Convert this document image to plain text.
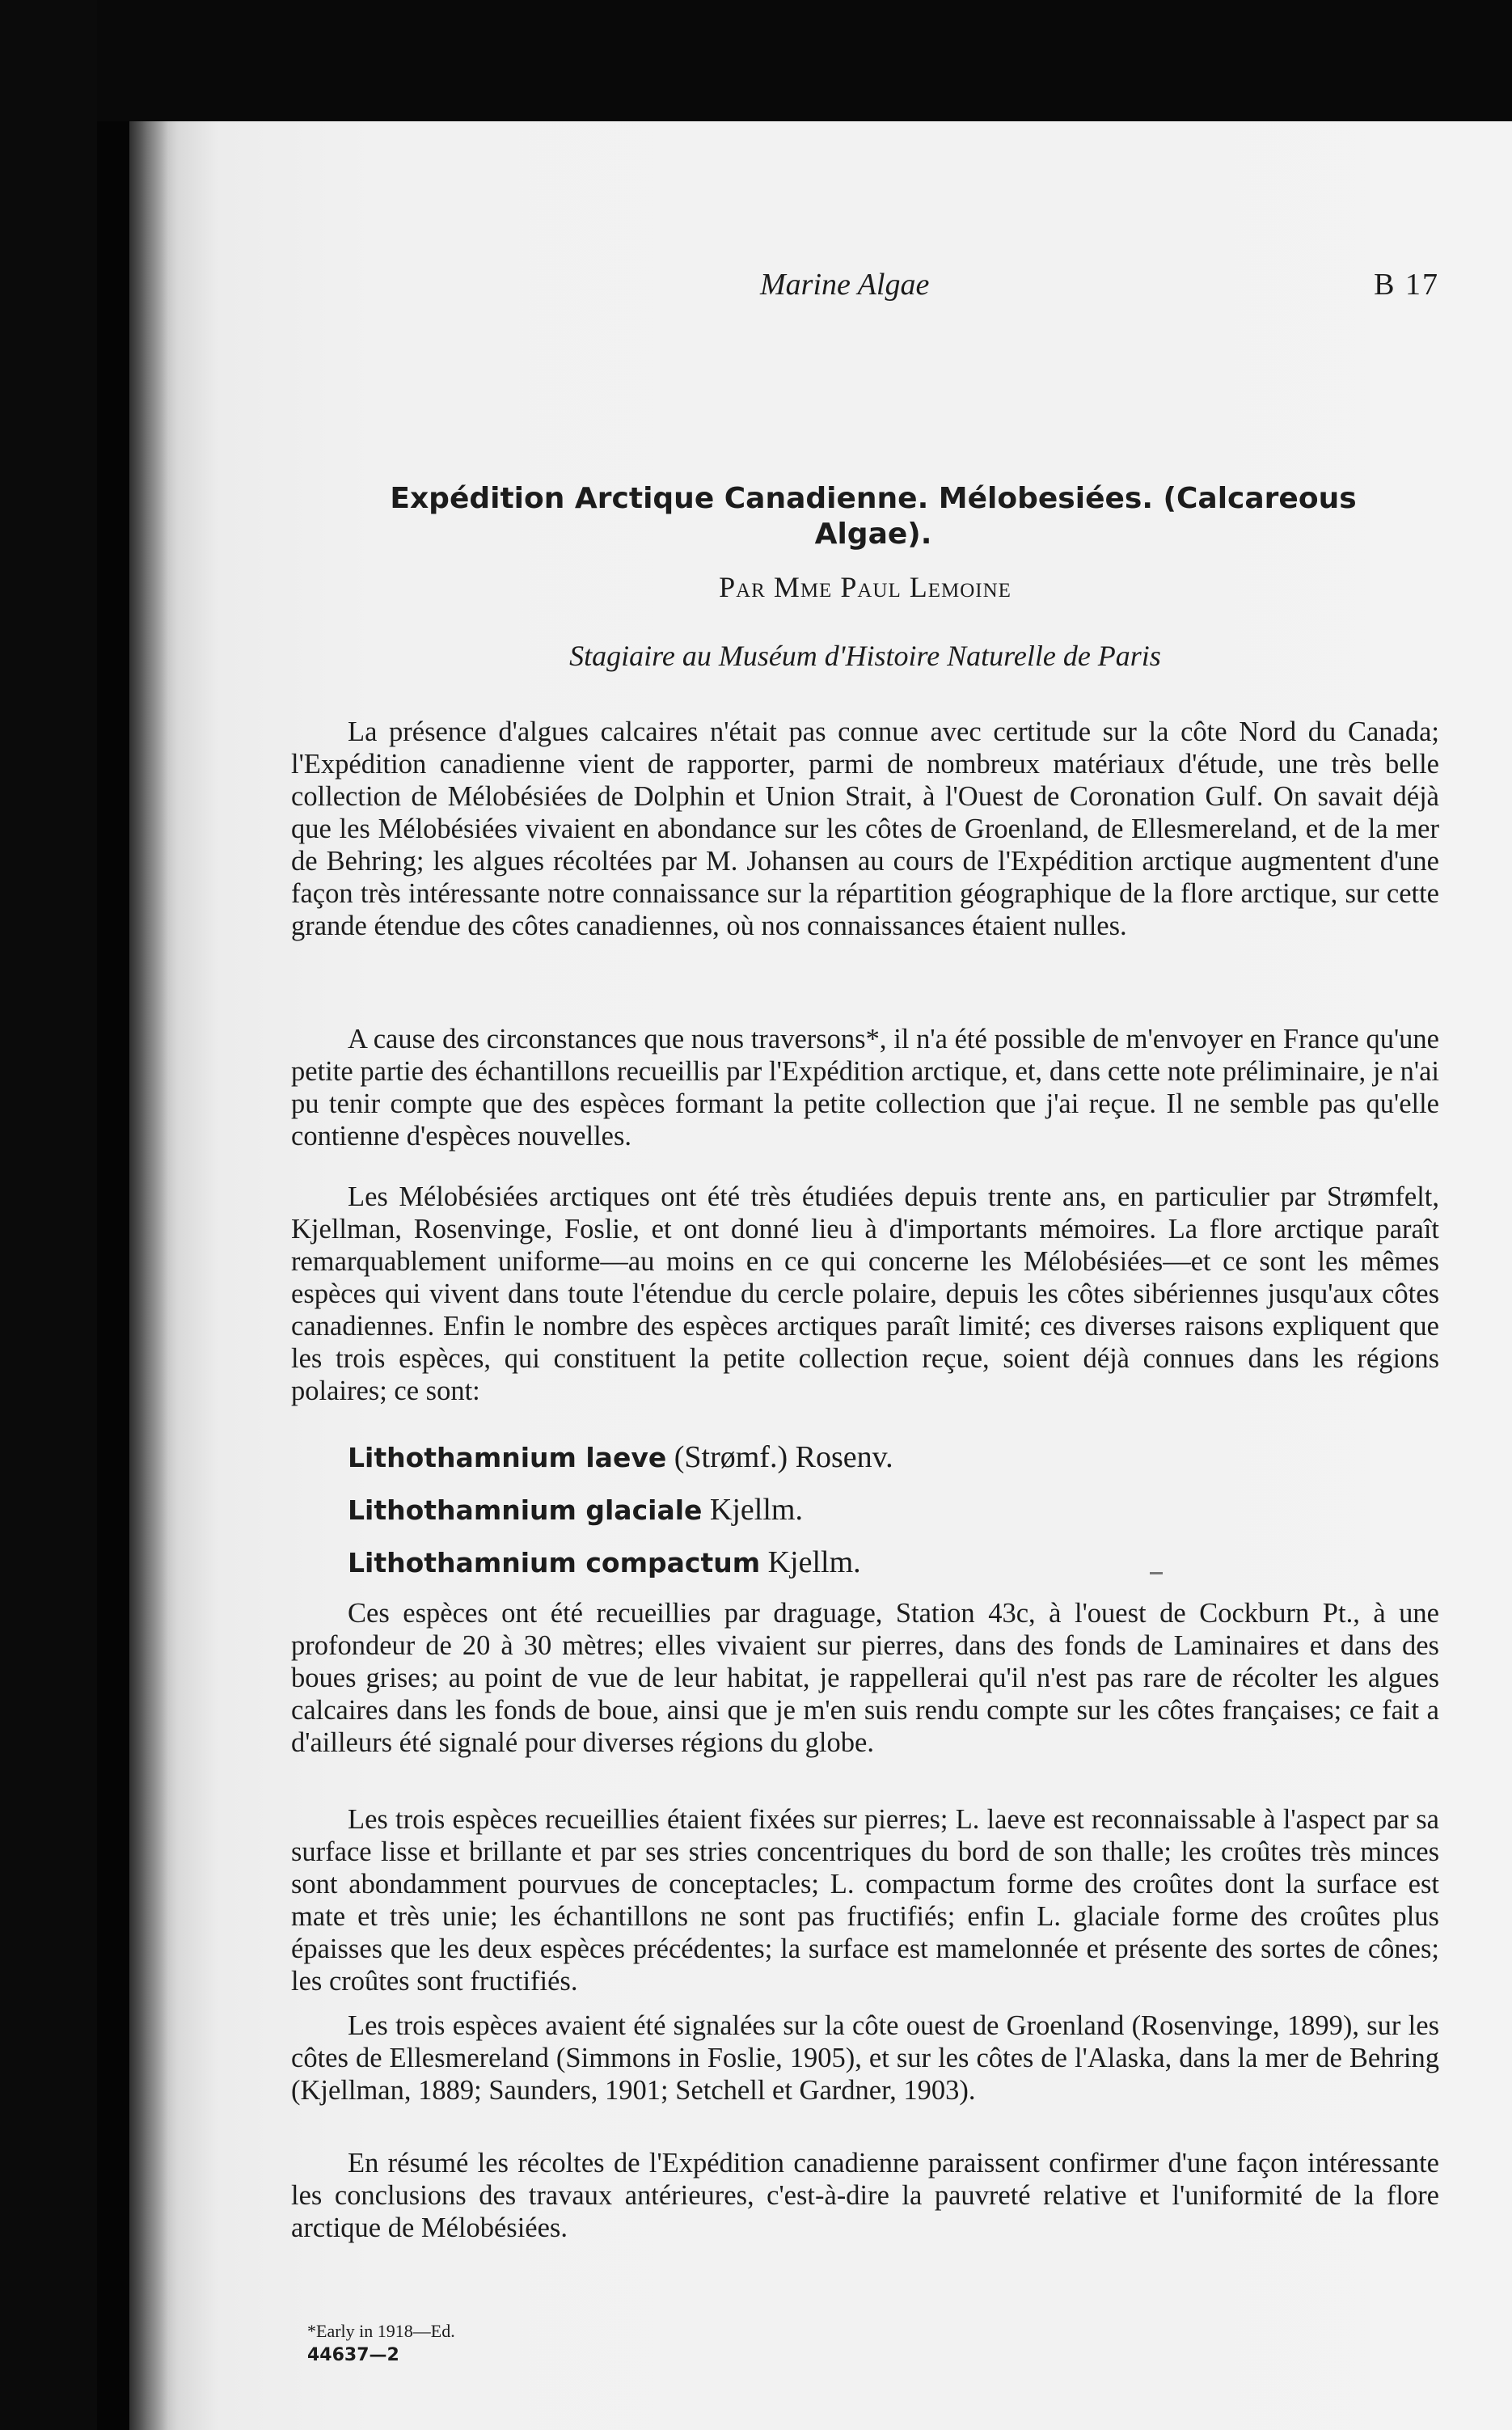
Marine Algae	B 17
Expédition Arctique Canadienne. Mélobesiées. (Calcareous Algae).
Par Mme Paul Lemoine
Stagiaire au Muséum d'Histoire Naturelle de Paris

La présence d'algues calcaires n'était pas connue avec certitude sur la côte Nord du Canada; l'Expédition canadienne vient de rapporter, parmi de nombreux matériaux d'étude, une très belle collection de Mélobésiées de Dolphin et Union Strait, à l'Ouest de Coronation Gulf. On savait déjà que les Mélobésiées vivaient en abondance sur les côtes de Groenland, de Ellesmereland, et de la mer de Behring; les algues récoltées par M. Johansen au cours de l'Expédition arctique augmentent d'une façon très intéressante notre connaissance sur la répartition géographique de la flore arctique, sur cette grande étendue des côtes canadiennes, où nos connaissances étaient nulles.

A cause des circonstances que nous traversons*, il n'a été possible de m'envoyer en France qu'une petite partie des échantillons recueillis par l'Expédition arctique, et, dans cette note préliminaire, je n'ai pu tenir compte que des espèces formant la petite collection que j'ai reçue. Il ne semble pas qu'elle contienne d'espèces nouvelles.

Les Mélobésiées arctiques ont été très étudiées depuis trente ans, en particulier par Strømfelt, Kjellman, Rosenvinge, Foslie, et ont donné lieu à d'importants mémoires. La flore arctique paraît remarquablement uniforme—au moins en ce qui concerne les Mélobésiées—et ce sont les mêmes espèces qui vivent dans toute l'étendue du cercle polaire, depuis les côtes sibériennes jusqu'aux côtes canadiennes. Enfin le nombre des espèces arctiques paraît limité; ces diverses raisons expliquent que les trois espèces, qui constituent la petite collection reçue, soient déjà connues dans les régions polaires; ce sont:

Lithothamnium laeve (Strømf.) Rosenv.
Lithothamnium glaciale Kjellm.
Lithothamnium compactum Kjellm.

Ces espèces ont été recueillies par draguage, Station 43c, à l'ouest de Cockburn Pt., à une profondeur de 20 à 30 mètres; elles vivaient sur pierres, dans des fonds de Laminaires et dans des boues grises; au point de vue de leur habitat, je rappellerai qu'il n'est pas rare de récolter les algues calcaires dans les fonds de boue, ainsi que je m'en suis rendu compte sur les côtes françaises; ce fait a d'ailleurs été signalé pour diverses régions du globe.

Les trois espèces recueillies étaient fixées sur pierres; L. laeve est reconnaissable à l'aspect par sa surface lisse et brillante et par ses stries concentriques du bord de son thalle; les croûtes très minces sont abondamment pourvues de conceptacles; L. compactum forme des croûtes dont la surface est mate et très unie; les échantillons ne sont pas fructifiés; enfin L. glaciale forme des croûtes plus épaisses que les deux espèces précédentes; la surface est mamelonnée et présente des sortes de cônes; les croûtes sont fructifiés.

Les trois espèces avaient été signalées sur la côte ouest de Groenland (Rosenvinge, 1899), sur les côtes de Ellesmereland (Simmons in Foslie, 1905), et sur les côtes de l'Alaska, dans la mer de Behring (Kjellman, 1889; Saunders, 1901; Setchell et Gardner, 1903).

En résumé les récoltes de l'Expédition canadienne paraissent confirmer d'une façon intéressante les conclusions des travaux antérieures, c'est-à-dire la pauvreté relative et l'uniformité de la flore arctique de Mélobésiées.

*Early in 1918—Ed.
44637—2
